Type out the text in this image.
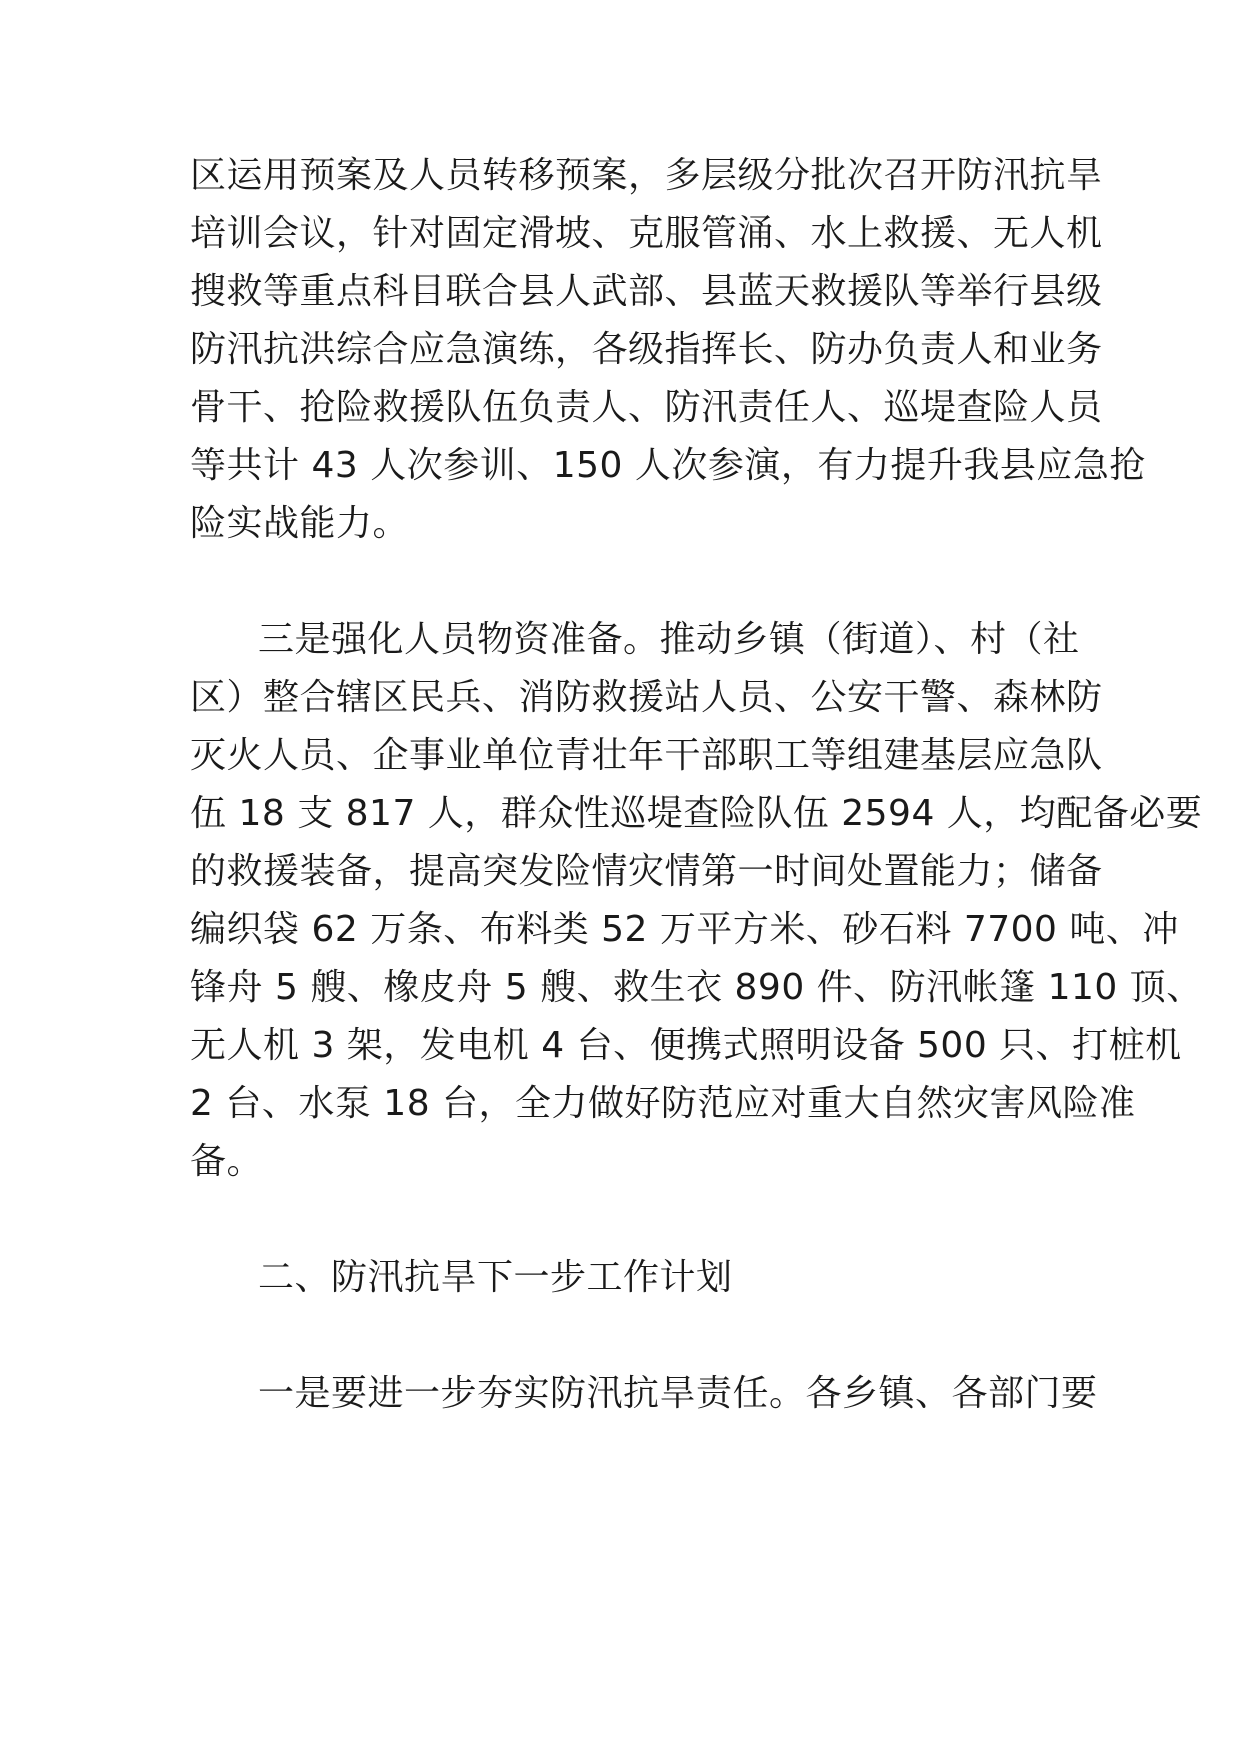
区运用预案及人员转移预案，多层级分批次召开防汛抗旱
培训会议，针对固定滑坡、克服管涌、水上救援、无人机
搜救等重点科目联合县人武部、县蓝天救援队等举行县级
防汛抗洪综合应急演练，各级指挥长、防办负责人和业务
骨干、抢险救援队伍负责人、防汛责任人、巡堤查险人员
等共计 43 人次参训、150 人次参演，有力提升我县应急抢
险实战能力。
三是强化人员物资准备。推动乡镇（街道）、村（社
区）整合辖区民兵、消防救援站人员、公安干警、森林防
灭火人员、企事业单位青壮年干部职工等组建基层应急队
伍 18 支 817 人，群众性巡堤查险队伍 2594 人，均配备必要
的救援装备，提高突发险情灾情第一时间处置能力；储备
编织袋 62 万条、布料类 52 万平方米、砂石料 7700 吨、冲
锋舟 5 艘、橡皮舟 5 艘、救生衣 890 件、防汛帐篷 110 顶、
无人机 3 架，发电机 4 台、便携式照明设备 500 只、打桩机
2 台、水泵 18 台，全力做好防范应对重大自然灾害风险准
备。
二、防汛抗旱下一步工作计划
一是要进一步夯实防汛抗旱责任。各乡镇、各部门要
